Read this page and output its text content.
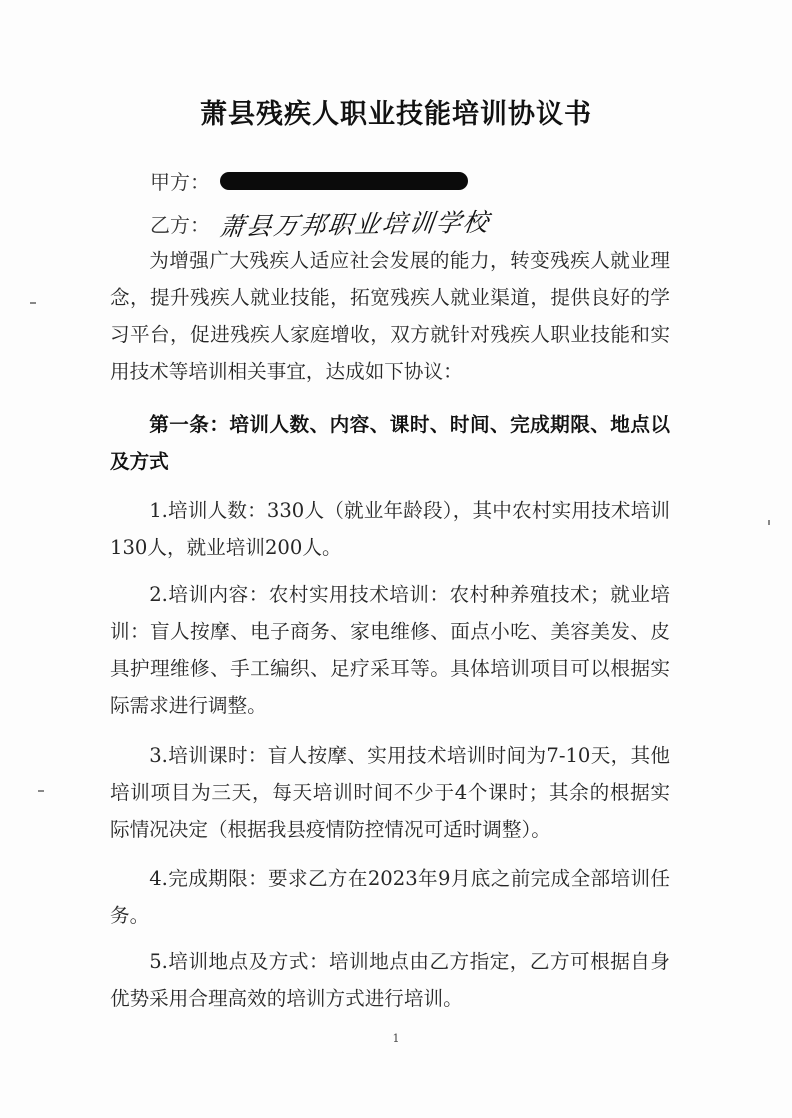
萧县残疾人职业技能培训协议书
甲方：
乙方： 萧县万邦职业培训学校

为增强广大残疾人适应社会发展的能力，转变残疾人就业理念，提升残疾人就业技能，拓宽残疾人就业渠道，提供良好的学习平台，促进残疾人家庭增收，双方就针对残疾人职业技能和实用技术等培训相关事宜，达成如下协议：

第一条：培训人数、内容、课时、时间、完成期限、地点以及方式

1.培训人数：330人（就业年龄段），其中农村实用技术培训130人，就业培训200人。

2.培训内容：农村实用技术培训：农村种养殖技术；就业培训：盲人按摩、电子商务、家电维修、面点小吃、美容美发、皮具护理维修、手工编织、足疗采耳等。具体培训项目可以根据实际需求进行调整。

3.培训课时：盲人按摩、实用技术培训时间为7-10天，其他培训项目为三天，每天培训时间不少于4个课时；其余的根据实际情况决定（根据我县疫情防控情况可适时调整）。

4.完成期限：要求乙方在2023年9月底之前完成全部培训任务。

5.培训地点及方式：培训地点由乙方指定，乙方可根据自身优势采用合理高效的培训方式进行培训。

1
